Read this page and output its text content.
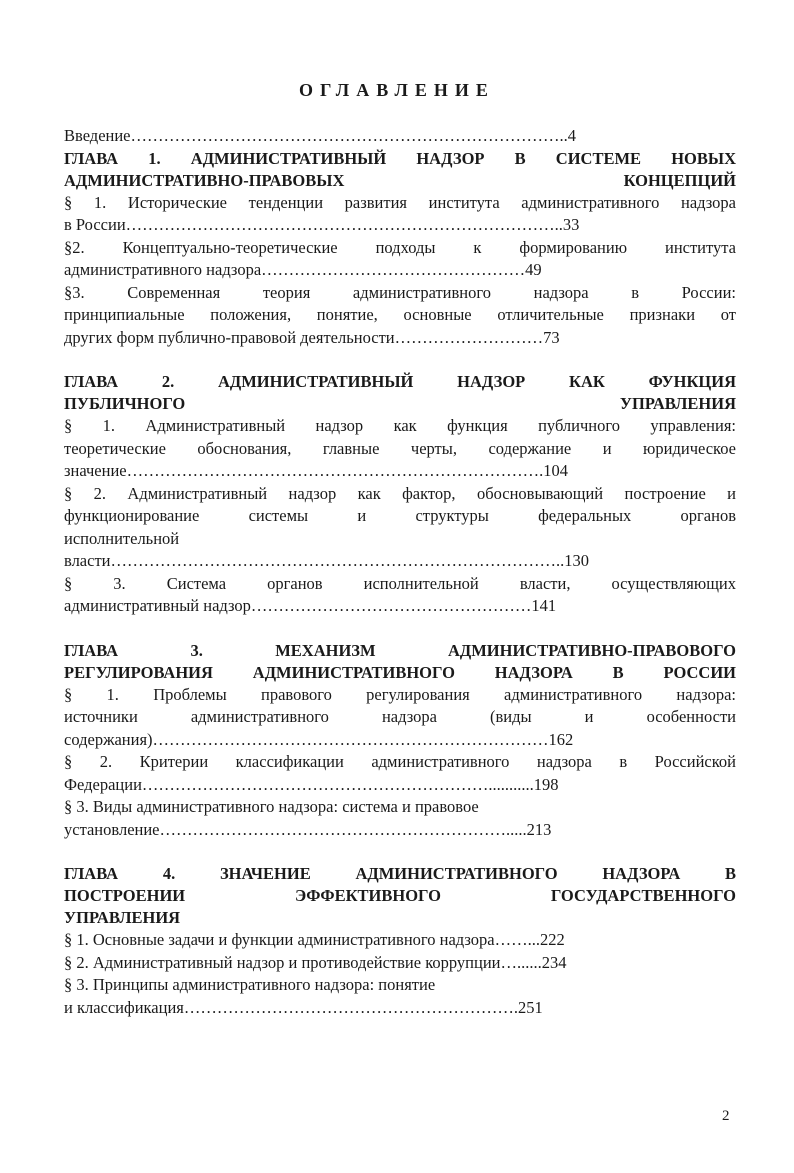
ОГЛАВЛЕНИЕ

Введение……………………………………………………………………..4

ГЛАВА 1. АДМИНИСТРАТИВНЫЙ НАДЗОР В СИСТЕМЕ НОВЫХ
АДМИНИСТРАТИВНО-ПРАВОВЫХ КОНЦЕПЦИЙ

§ 1. Исторические тенденции развития института административного надзора
в России……………………………………………………………………..33

§2. Концептуально-теоретические подходы к формированию института
административного надзора…………………………………………49

§3. Современная теория административного надзора в России:
принципиальные положения, понятие, основные отличительные признаки от
других форм публично-правовой деятельности………………………73

ГЛАВА 2. АДМИНИСТРАТИВНЫЙ НАДЗОР КАК ФУНКЦИЯ
ПУБЛИЧНОГО УПРАВЛЕНИЯ

§ 1. Административный надзор как функция публичного управления:
теоретические обоснования, главные черты, содержание и юридическое
значение………………………………………………………………….104

§ 2. Административный надзор как фактор, обосновывающий построение и
функционирование системы и структуры федеральных органов
исполнительной
власти………………………………………………………………………..130

§ 3. Система органов исполнительной власти, осуществляющих
административный надзор……………………………………………141

ГЛАВА 3. МЕХАНИЗМ АДМИНИСТРАТИВНО-ПРАВОВОГО
РЕГУЛИРОВАНИЯ АДМИНИСТРАТИВНОГО НАДЗОРА В РОССИИ

§ 1. Проблемы правового регулирования административного надзора:
источники административного надзора (виды и особенности
содержания)………………………………………………………………162

§ 2. Критерии классификации административного надзора в Российской
Федерации………………………………………………………...........198

§ 3. Виды административного надзора: система и правовое
установление……………………………………………………….....213

ГЛАВА 4. ЗНАЧЕНИЕ АДМИНИСТРАТИВНОГО НАДЗОРА В
ПОСТРОЕНИИ ЭФФЕКТИВНОГО ГОСУДАРСТВЕННОГО
УПРАВЛЕНИЯ

§ 1. Основные задачи и функции административного надзора……...222

§ 2. Административный надзор и противодействие коррупции…......234

§ 3. Принципы административного надзора: понятие
и классификация…………………………………………………….251

2
